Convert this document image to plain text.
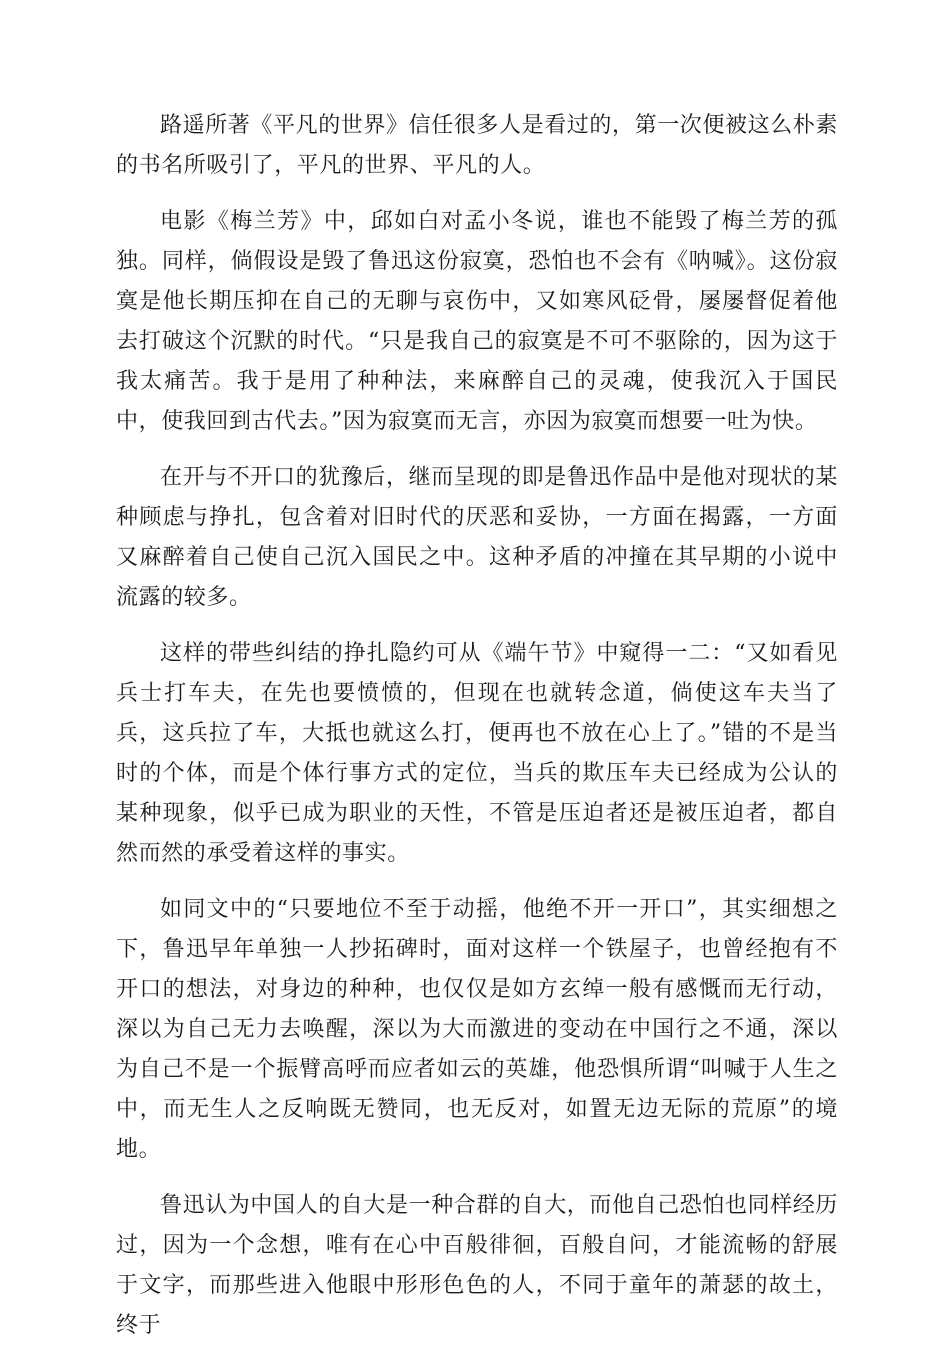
路遥所著《平凡的世界》信任很多人是看过的，第一次便被这么朴素的书名所吸引了，平凡的世界、平凡的人。

电影《梅兰芳》中，邱如白对孟小冬说，谁也不能毁了梅兰芳的孤独。同样，倘假设是毁了鲁迅这份寂寞，恐怕也不会有《呐喊》。这份寂寞是他长期压抑在自己的无聊与哀伤中，又如寒风砭骨，屡屡督促着他去打破这个沉默的时代。“只是我自己的寂寞是不可不驱除的，因为这于我太痛苦。我于是用了种种法，来麻醉自己的灵魂，使我沉入于国民中，使我回到古代去。”因为寂寞而无言，亦因为寂寞而想要一吐为快。

在开与不开口的犹豫后，继而呈现的即是鲁迅作品中是他对现状的某种顾虑与挣扎，包含着对旧时代的厌恶和妥协，一方面在揭露，一方面又麻醉着自己使自己沉入国民之中。这种矛盾的冲撞在其早期的小说中流露的较多。

这样的带些纠结的挣扎隐约可从《端午节》中窥得一二：“又如看见兵士打车夫，在先也要愤愤的，但现在也就转念道，倘使这车夫当了兵，这兵拉了车，大抵也就这么打，便再也不放在心上了。”错的不是当时的个体，而是个体行事方式的定位，当兵的欺压车夫已经成为公认的某种现象，似乎已成为职业的天性，不管是压迫者还是被压迫者，都自然而然的承受着这样的事实。

如同文中的“只要地位不至于动摇，他绝不开一开口”，其实细想之下，鲁迅早年单独一人抄拓碑时，面对这样一个铁屋子，也曾经抱有不开口的想法，对身边的种种，也仅仅是如方玄绰一般有感慨而无行动，深以为自己无力去唤醒，深以为大而激进的变动在中国行之不通，深以为自己不是一个振臂高呼而应者如云的英雄，他恐惧所谓“叫喊于人生之中，而无生人之反响既无赞同，也无反对，如置无边无际的荒原”的境地。

鲁迅认为中国人的自大是一种合群的自大，而他自己恐怕也同样经历过，因为一个念想，唯有在心中百般徘徊，百般自问，才能流畅的舒展于文字，而那些进入他眼中形形色色的人，不同于童年的萧瑟的故土，终于
